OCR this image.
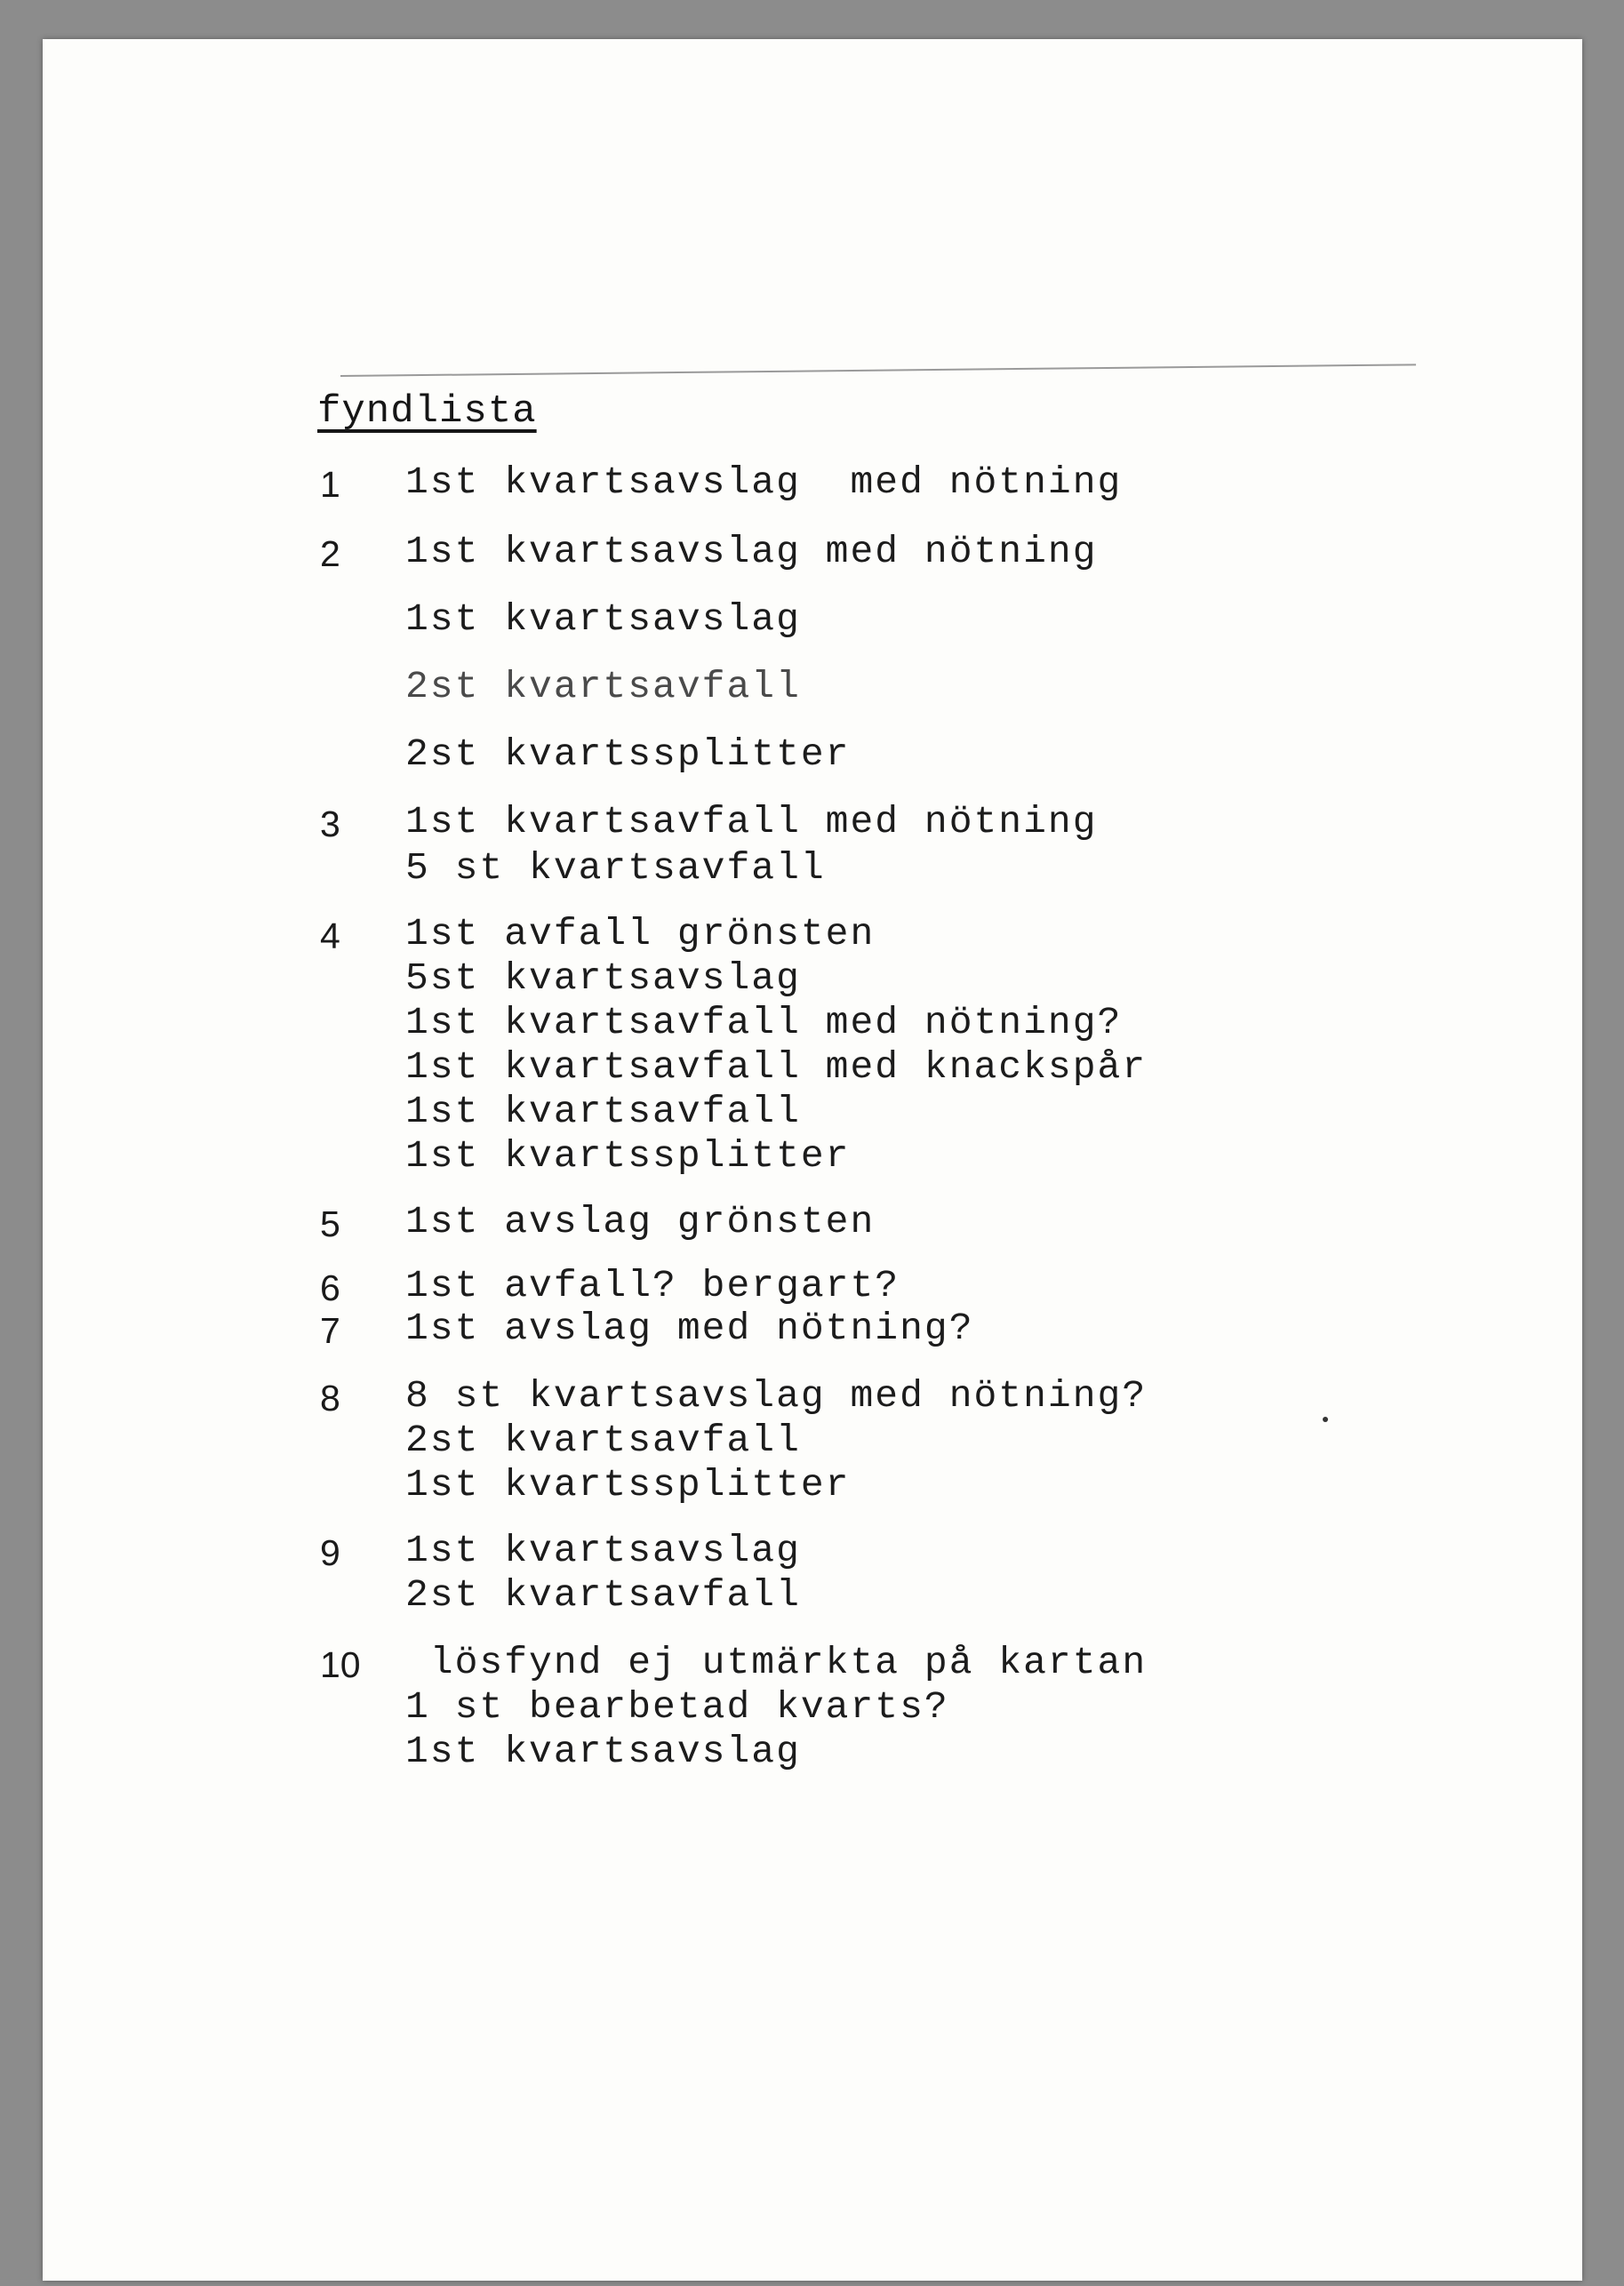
fyndlista
1	1st kvartsavslag  med nötning
2	1st kvartsavslag med nötning
1st kvartsavslag
2st kvartsavfall
2st kvartssplitter
3	1st kvartsavfall med nötning
5 st kvartsavfall
4	1st avfall grönsten
5st kvartsavslag
1st kvartsavfall med nötning?
1st kvartsavfall med knackspår
1st kvartsavfall
1st kvartssplitter
5	1st avslag grönsten
6	1st avfall? bergart?
7	1st avslag med nötning?
8	8 st kvartsavslag med nötning?
2st kvartsavfall
1st kvartssplitter
9	1st kvartsavslag
2st kvartsavfall
10	lösfynd ej utmärkta på kartan
1 st bearbetad kvarts?
1st kvartsavslag
